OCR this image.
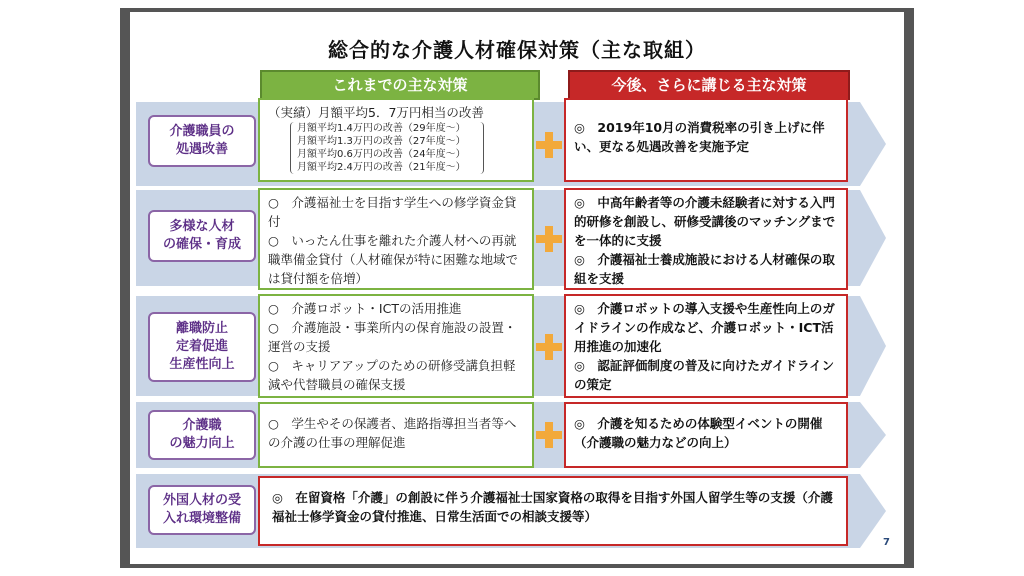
総合的な介護人材確保対策（主な取組）
これまでの主な対策	今後、さらに講じる主な対策
介護職員の
処遇改善
（実績）月額平均5．7万円相当の改善
月額平均1.4万円の改善（29年度～）
月額平均1.3万円の改善（27年度～）
月額平均0.6万円の改善（24年度～）
月額平均2.4万円の改善（21年度～）
◎　2019年10月の消費税率の引き上げに伴い、更なる処遇改善を実施予定
多様な人材
の確保・育成
○　介護福祉士を目指す学生への修学資金貸付
○　いったん仕事を離れた介護人材への再就職準備金貸付（人材確保が特に困難な地域では貸付額を倍増）
◎　中高年齢者等の介護未経験者に対する入門的研修を創設し、研修受講後のマッチングまでを一体的に支援
◎　介護福祉士養成施設における人材確保の取組を支援
離職防止
定着促進
生産性向上
○　介護ロボット・ICTの活用推進
○　介護施設・事業所内の保育施設の設置・運営の支援
○　キャリアアップのための研修受講負担軽減や代替職員の確保支援
◎　介護ロボットの導入支援や生産性向上のガイドラインの作成など、介護ロボット・ICT活用推進の加速化
◎　認証評価制度の普及に向けたガイドラインの策定
介護職
の魅力向上
○　学生やその保護者、進路指導担当者等への介護の仕事の理解促進
◎　介護を知るための体験型イベントの開催（介護職の魅力などの向上）
外国人材の受
入れ環境整備
◎　在留資格「介護」の創設に伴う介護福祉士国家資格の取得を目指す外国人留学生等の支援（介護福祉士修学資金の貸付推進、日常生活面での相談支援等）
7
